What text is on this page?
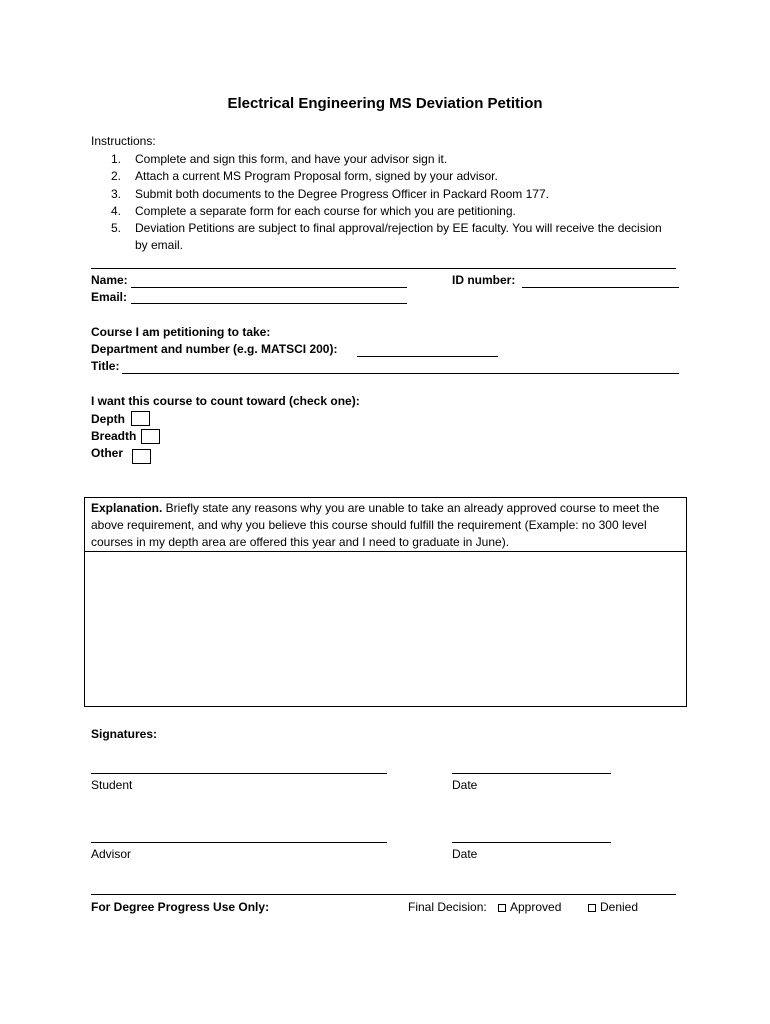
Electrical Engineering MS Deviation Petition
Instructions:
1. Complete and sign this form, and have your advisor sign it.
2. Attach a current MS Program Proposal form, signed by your advisor.
3. Submit both documents to the Degree Progress Officer in Packard Room 177.
4. Complete a separate form for each course for which you are petitioning.
5. Deviation Petitions are subject to final approval/rejection by EE faculty. You will receive the decision by email.
Name:	ID number:
Email:
Course I am petitioning to take:
Department and number (e.g. MATSCI 200):
Title:
I want this course to count toward (check one):
Depth
Breadth
Other
Explanation. Briefly state any reasons why you are unable to take an already approved course to meet the above requirement, and why you believe this course should fulfill the requirement (Example: no 300 level courses in my depth area are offered this year and I need to graduate in June).
Signatures:
Student	Date
Advisor	Date
For Degree Progress Use Only:	Final Decision:	Approved	Denied
